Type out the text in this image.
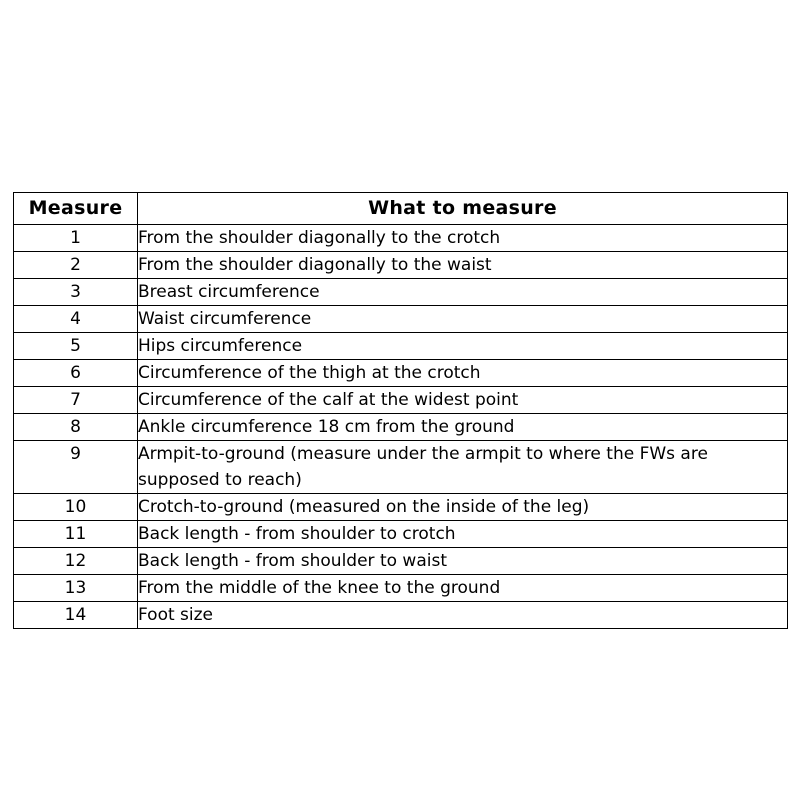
Measure	What to measure
1	From the shoulder diagonally to the crotch
2	From the shoulder diagonally to the waist
3	Breast circumference
4	Waist circumference
5	Hips circumference
6	Circumference of the thigh at the crotch
7	Circumference of the calf at the widest point
8	Ankle circumference 18 cm from the ground
9	Armpit-to-ground (measure under the armpit to where the FWs are supposed to reach)
10	Crotch-to-ground (measured on the inside of the leg)
11	Back length - from shoulder to crotch
12	Back length - from shoulder to waist
13	From the middle of the knee to the ground
14	Foot size
